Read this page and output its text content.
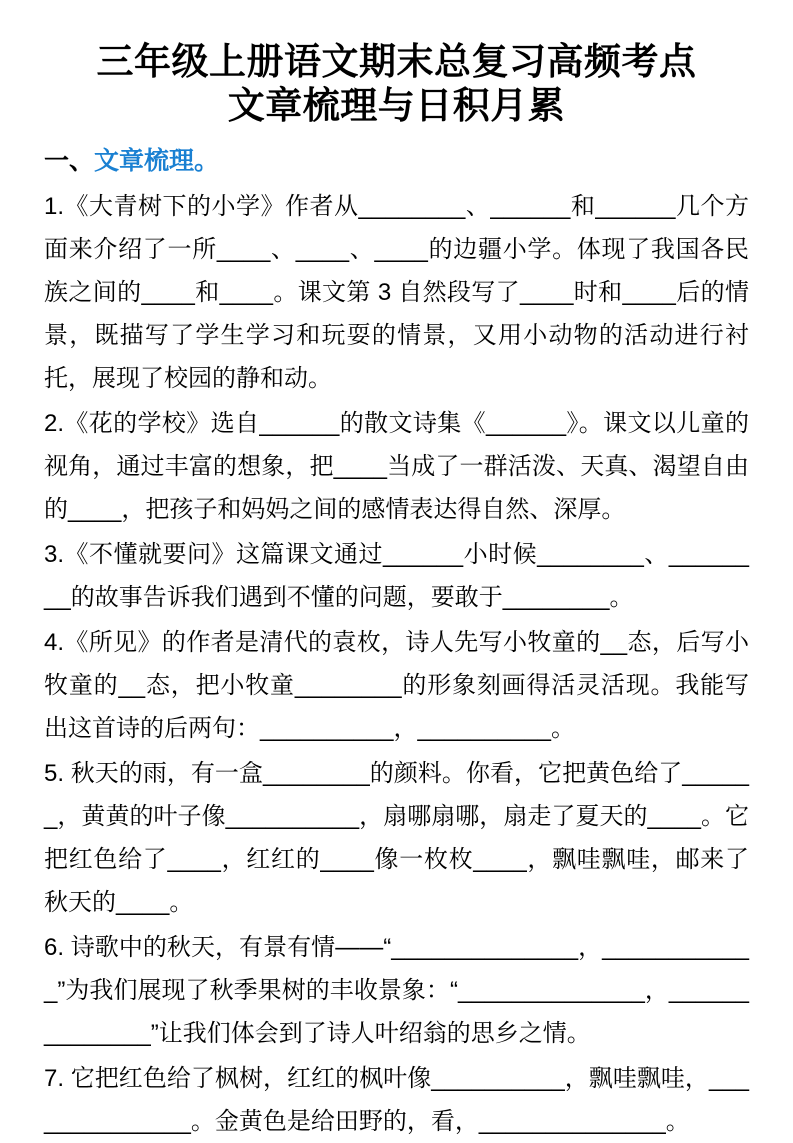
三年级上册语文期末总复习高频考点
文章梳理与日积月累
一、文章梳理。

1.《大青树下的小学》作者从________、______和______几个方面来介绍了一所____、____、____的边疆小学。体现了我国各民族之间的____和____。课文第 3 自然段写了____时和____后的情景，既描写了学生学习和玩耍的情景，又用小动物的活动进行衬托，展现了校园的静和动。

2.《花的学校》选自______的散文诗集《______》。课文以儿童的视角，通过丰富的想象，把____当成了一群活泼、天真、渴望自由的____，把孩子和妈妈之间的感情表达得自然、深厚。

3.《不懂就要问》这篇课文通过______小时候________、________的故事告诉我们遇到不懂的问题，要敢于________。

4.《所见》的作者是清代的袁枚，诗人先写小牧童的__态，后写小牧童的__态，把小牧童________的形象刻画得活灵活现。我能写出这首诗的后两句：__________，__________。

5. 秋天的雨，有一盒________的颜料。你看，它把黄色给了______，黄黄的叶子像__________，扇哪扇哪，扇走了夏天的____。它把红色给了____，红红的____像一枚枚____，飘哇飘哇，邮来了秋天的____。

6. 诗歌中的秋天，有景有情——“______________，____________”为我们展现了秋季果树的丰收景象：“______________，______________”让我们体会到了诗人叶绍翁的思乡之情。

7. 它把红色给了枫树，红红的枫叶像__________，飘哇飘哇，______________。金黄色是给田野的，看，______________。
